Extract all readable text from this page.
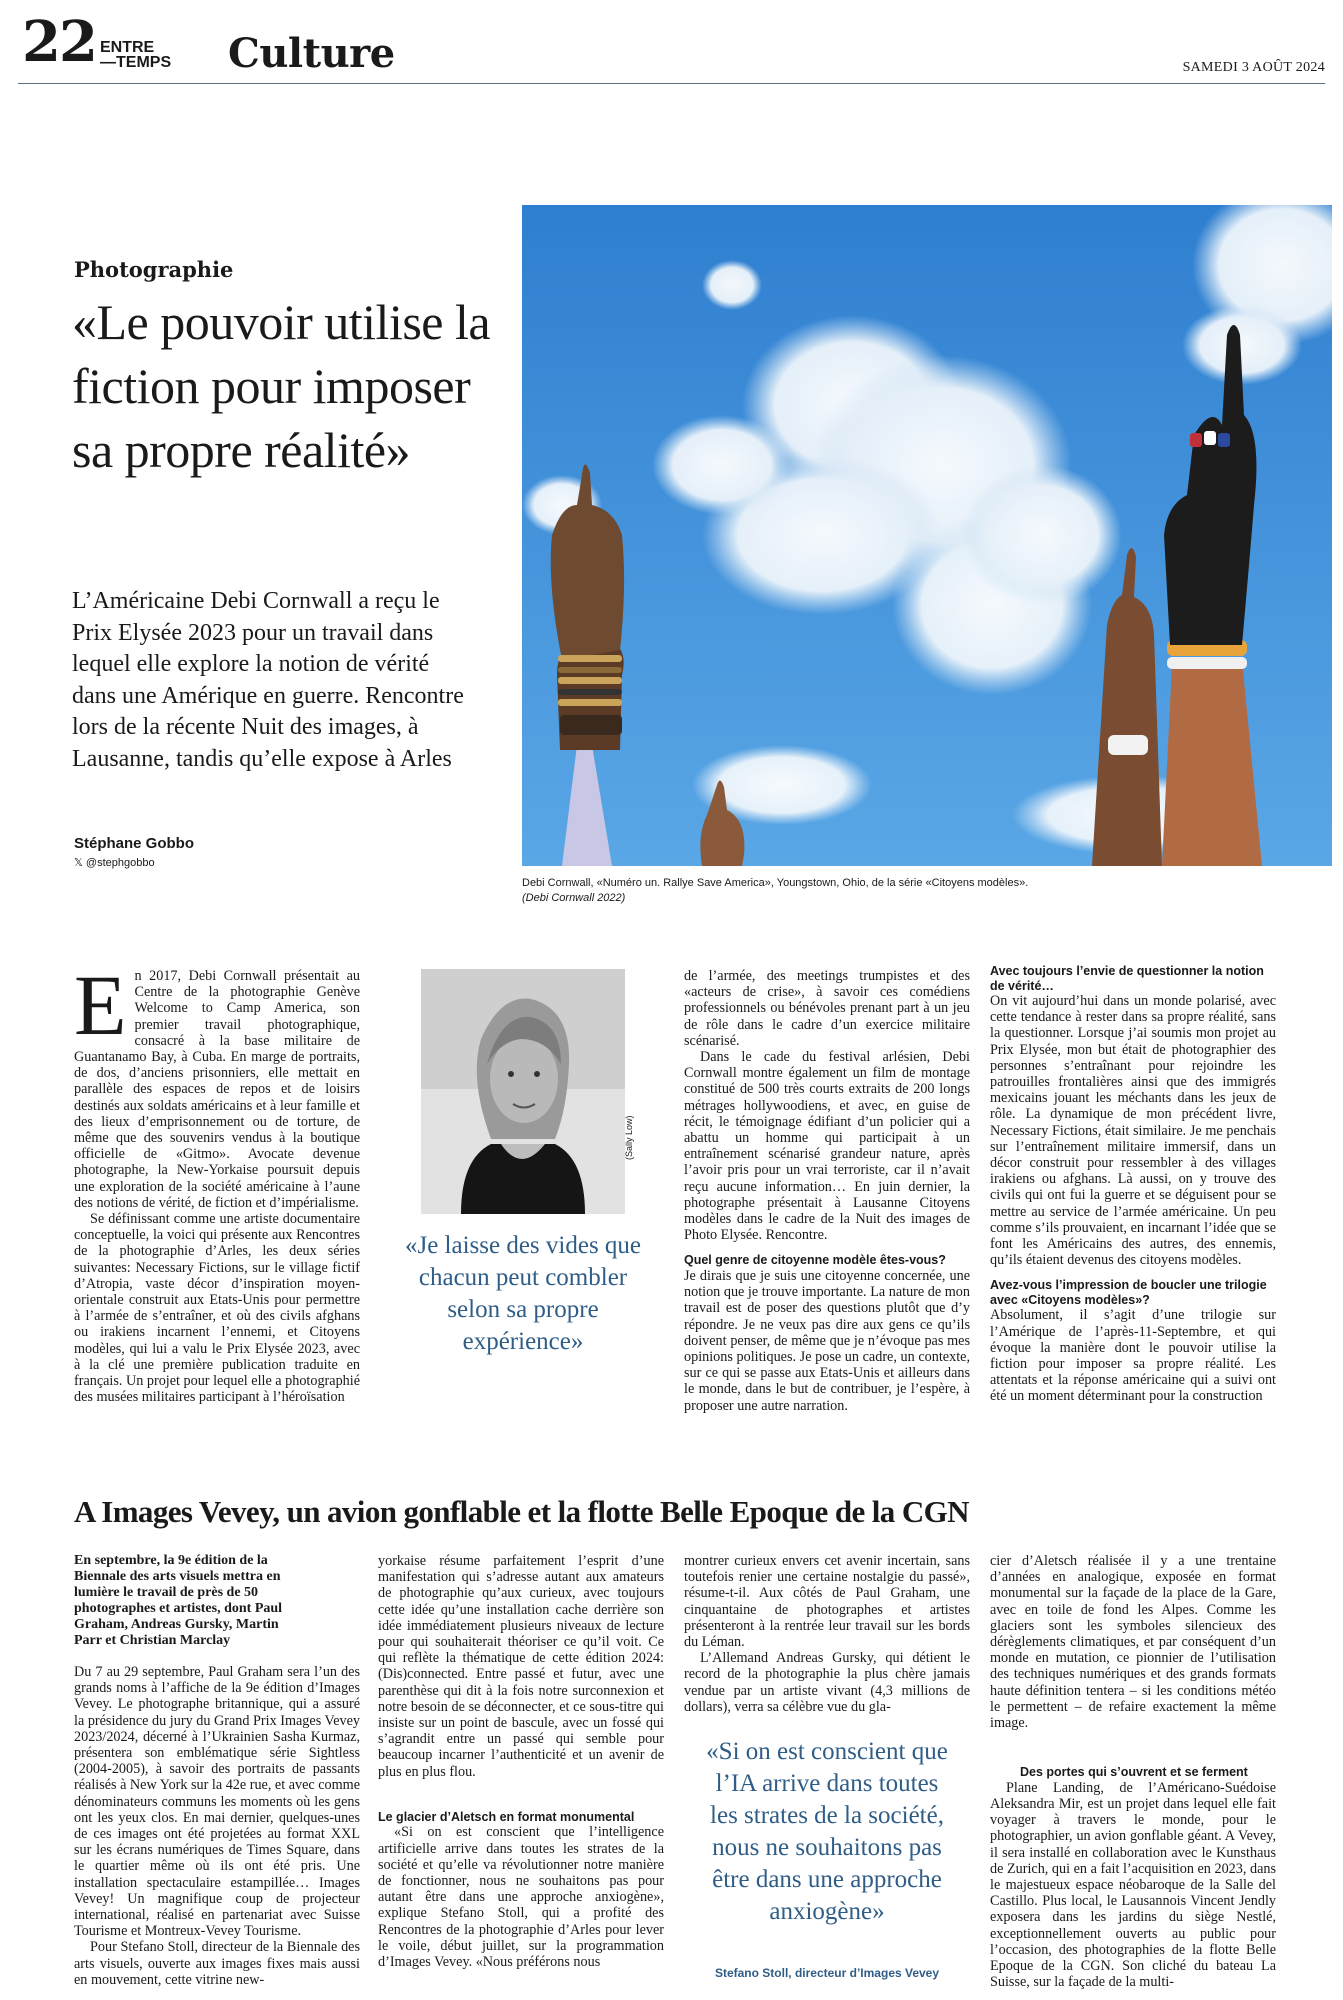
22 ENTRE
—TEMPS Culture	SAMEDI 3 AOÛT 2024
Photographie
«Le pouvoir utilise la fiction pour imposer sa propre réalité»
L’Américaine Debi Cornwall a reçu le Prix Elysée 2023 pour un travail dans lequel elle explore la notion de vérité dans une Amérique en guerre. Rencontre lors de la récente Nuit des images, à Lausanne, tandis qu’elle expose à Arles
Stéphane Gobbo
𝕏 @stephgobbo
Debi Cornwall, «Numéro un. Rallye Save America», Youngstown, Ohio, de la série «Citoyens modèles».
(Debi Cornwall 2022)

En 2017, Debi Cornwall présentait au Centre de la photographie Genève Welcome to Camp America, son premier travail photographique, consacré à la base militaire de Guantanamo Bay, à Cuba. En marge de portraits, de dos, d’anciens prisonniers, elle mettait en parallèle des espaces de repos et de loisirs destinés aux soldats américains et à leur famille et des lieux d’emprisonnement ou de torture, de même que des souvenirs vendus à la boutique officielle de «Gitmo». Avocate devenue photographe, la New-Yorkaise poursuit depuis une exploration de la société américaine à l’aune des notions de vérité, de fiction et d’impérialisme.

Se définissant comme une artiste documentaire conceptuelle, la voici qui présente aux Rencontres de la photographie d’Arles, les deux séries suivantes: Necessary Fictions, sur le village fictif d’Atropia, vaste décor d’inspiration moyen-orientale construit aux Etats-Unis pour permettre à l’armée de s’entraîner, et où des civils afghans ou irakiens incarnent l’ennemi, et Citoyens modèles, qui lui a valu le Prix Elysée 2023, avec à la clé une première publication traduite en français. Un projet pour lequel elle a photographié des musées militaires participant à l’héroïsation

(Sally Low)
«Je laisse des vides que chacun peut combler selon sa propre expérience»

de l’armée, des meetings trumpistes et des «acteurs de crise», à savoir ces comédiens professionnels ou bénévoles prenant part à un jeu de rôle dans le cadre d’un exercice militaire scénarisé.

Dans le cade du festival arlésien, Debi Cornwall montre également un film de montage constitué de 500 très courts extraits de 200 longs métrages hollywoodiens, et avec, en guise de récit, le témoignage édifiant d’un policier qui a abattu un homme qui participait à un entraînement scénarisé grandeur nature, après l’avoir pris pour un vrai terroriste, car il n’avait reçu aucune information… En juin dernier, la photographe présentait à Lausanne Citoyens modèles dans le cadre de la Nuit des images de Photo Elysée. Rencontre.

Quel genre de citoyenne modèle êtes-vous?

Je dirais que je suis une citoyenne concernée, une notion que je trouve importante. La nature de mon travail est de poser des questions plutôt que d’y répondre. Je ne veux pas dire aux gens ce qu’ils doivent penser, de même que je n’évoque pas mes opinions politiques. Je pose un cadre, un contexte, sur ce qui se passe aux Etats-Unis et ailleurs dans le monde, dans le but de contribuer, je l’espère, à proposer une autre narration.

Avec toujours l’envie de questionner la notion de vérité…

On vit aujourd’hui dans un monde polarisé, avec cette tendance à rester dans sa propre réalité, sans la questionner. Lorsque j’ai soumis mon projet au Prix Elysée, mon but était de photographier des personnes s’entraînant pour rejoindre les patrouilles frontalières ainsi que des immigrés mexicains jouant les méchants dans les jeux de rôle. La dynamique de mon précédent livre, Necessary Fictions, était similaire. Je me penchais sur l’entraînement militaire immersif, dans un décor construit pour ressembler à des villages irakiens ou afghans. Là aussi, on y trouve des civils qui ont fui la guerre et se déguisent pour se mettre au service de l’armée américaine. Un peu comme s’ils prouvaient, en incarnant l’idée que se font les Américains des autres, des ennemis, qu’ils étaient devenus des citoyens modèles.

Avez-vous l’impression de boucler une trilogie avec «Citoyens modèles»?

Absolument, il s’agit d’une trilogie sur l’Amérique de l’après-11-Septembre, et qui évoque la manière dont le pouvoir utilise la fiction pour imposer sa propre réalité. Les attentats et la réponse américaine qui a suivi ont été un moment déterminant pour la construction

A Images Vevey, un avion gonflable et la flotte Belle Epoque de la CGN
En septembre, la 9e édition de la Biennale des arts visuels mettra en lumière le travail de près de 50 photographes et artistes, dont Paul Graham, Andreas Gursky, Martin Parr et Christian Marclay

Du 7 au 29 septembre, Paul Graham sera l’un des grands noms à l’affiche de la 9e édition d’Images Vevey. Le photographe britannique, qui a assuré la présidence du jury du Grand Prix Images Vevey 2023/2024, décerné à l’Ukrainien Sasha Kurmaz, présentera son emblématique série Sightless (2004-2005), à savoir des portraits de passants réalisés à New York sur la 42e rue, et avec comme dénominateurs communs les moments où les gens ont les yeux clos. En mai dernier, quelques-unes de ces images ont été projetées au format XXL sur les écrans numériques de Times Square, dans le quartier même où ils ont été pris. Une installation spectaculaire estampillée… Images Vevey! Un magnifique coup de projecteur international, réalisé en partenariat avec Suisse Tourisme et Montreux-Vevey Tourisme.

Pour Stefano Stoll, directeur de la Biennale des arts visuels, ouverte aux images fixes mais aussi en mouvement, cette vitrine new-

yorkaise résume parfaitement l’esprit d’une manifestation qui s’adresse autant aux amateurs de photographie qu’aux curieux, avec toujours cette idée qu’une installation cache derrière son idée immédiatement plusieurs niveaux de lecture pour qui souhaiterait théoriser ce qu’il voit. Ce qui reflète la thématique de cette édition 2024: (Dis)connected. Entre passé et futur, avec une parenthèse qui dit à la fois notre surconnexion et notre besoin de se déconnecter, et ce sous-titre qui insiste sur un point de bascule, avec un fossé qui s’agrandit entre un passé qui semble pour beaucoup incarner l’authenticité et un avenir de plus en plus flou.

Le glacier d’Aletsch en format monumental

«Si on est conscient que l’intelligence artificielle arrive dans toutes les strates de la société et qu’elle va révolutionner notre manière de fonctionner, nous ne souhaitons pas pour autant être dans une approche anxiogène», explique Stefano Stoll, qui a profité des Rencontres de la photographie d’Arles pour lever le voile, début juillet, sur la programmation d’Images Vevey. «Nous préférons nous

montrer curieux envers cet avenir incertain, sans toutefois renier une certaine nostalgie du passé», résume-t-il. Aux côtés de Paul Graham, une cinquantaine de photographes et artistes présenteront à la rentrée leur travail sur les bords du Léman.

L’Allemand Andreas Gursky, qui détient le record de la photographie la plus chère jamais vendue par un artiste vivant (4,3 millions de dollars), verra sa célèbre vue du gla-

«Si on est conscient que l’IA arrive dans toutes les strates de la société, nous ne souhaitons pas être dans une approche anxiogène»
Stefano Stoll, directeur d’Images Vevey

cier d’Aletsch réalisée il y a une trentaine d’années en analogique, exposée en format monumental sur la façade de la place de la Gare, avec en toile de fond les Alpes. Comme les glaciers sont les symboles silencieux des dérèglements climatiques, et par conséquent d’un monde en mutation, ce pionnier de l’utilisation des techniques numériques et des grands formats haute définition tentera – si les conditions météo le permettent – de refaire exactement la même image.

Des portes qui s’ouvrent et se ferment

Plane Landing, de l’Américano-Suédoise Aleksandra Mir, est un projet dans lequel elle fait voyager à travers le monde, pour le photographier, un avion gonflable géant. A Vevey, il sera installé en collaboration avec le Kunsthaus de Zurich, qui en a fait l’acquisition en 2023, dans le majestueux espace néobaroque de la Salle del Castillo. Plus local, le Lausannois Vincent Jendly exposera dans les jardins du siège Nestlé, exceptionnellement ouverts au public pour l’occasion, des photographies de la flotte Belle Epoque de la CGN. Son cliché du bateau La Suisse, sur la façade de la multi-
